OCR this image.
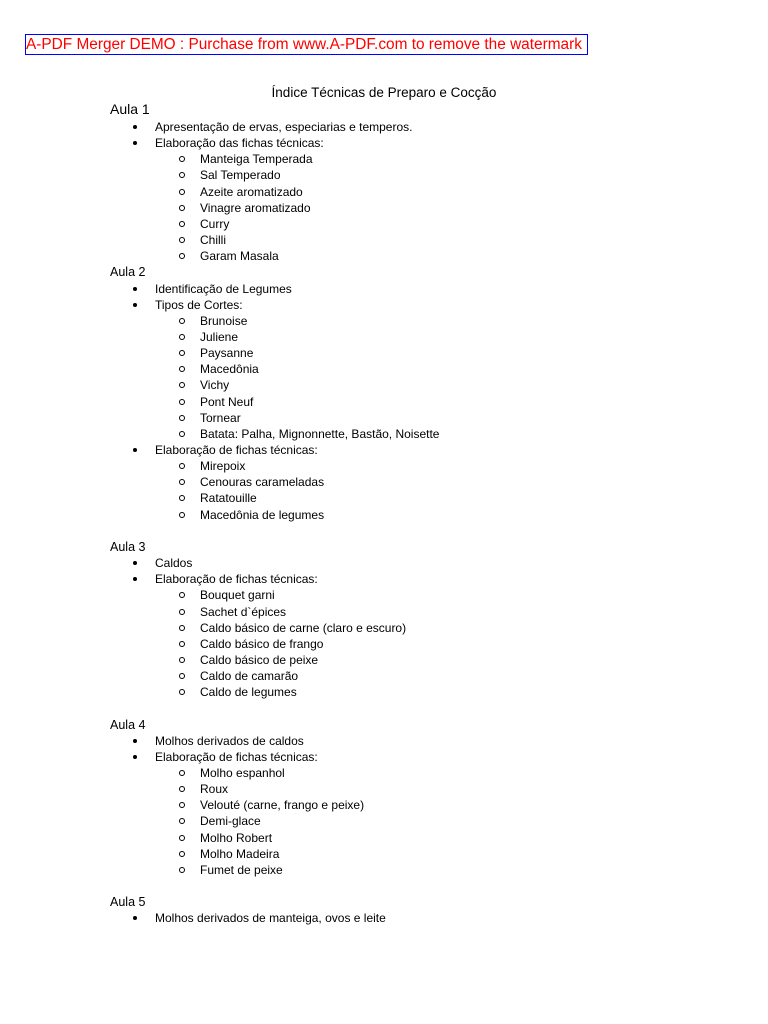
A-PDF Merger DEMO : Purchase from www.A-PDF.com to remove the watermark
Índice Técnicas de Preparo e Cocção
Aula 1
Apresentação de ervas, especiarias e temperos.
Elaboração das fichas técnicas:
Manteiga Temperada
Sal Temperado
Azeite aromatizado
Vinagre aromatizado
Curry
Chilli
Garam Masala
Aula 2
Identificação de Legumes
Tipos de Cortes:
Brunoise
Juliene
Paysanne
Macedônia
Vichy
Pont Neuf
Tornear
Batata: Palha, Mignonnette, Bastão, Noisette
Elaboração de fichas técnicas:
Mirepoix
Cenouras carameladas
Ratatouille
Macedônia de legumes
Aula 3
Caldos
Elaboração de fichas técnicas:
Bouquet garni
Sachet d`épices
Caldo básico de carne (claro e escuro)
Caldo básico de frango
Caldo básico de peixe
Caldo de camarão
Caldo de legumes
Aula 4
Molhos derivados de caldos
Elaboração de fichas técnicas:
Molho espanhol
Roux
Velouté (carne, frango e peixe)
Demi-glace
Molho Robert
Molho Madeira
Fumet de peixe
Aula 5
Molhos derivados de manteiga, ovos e leite
